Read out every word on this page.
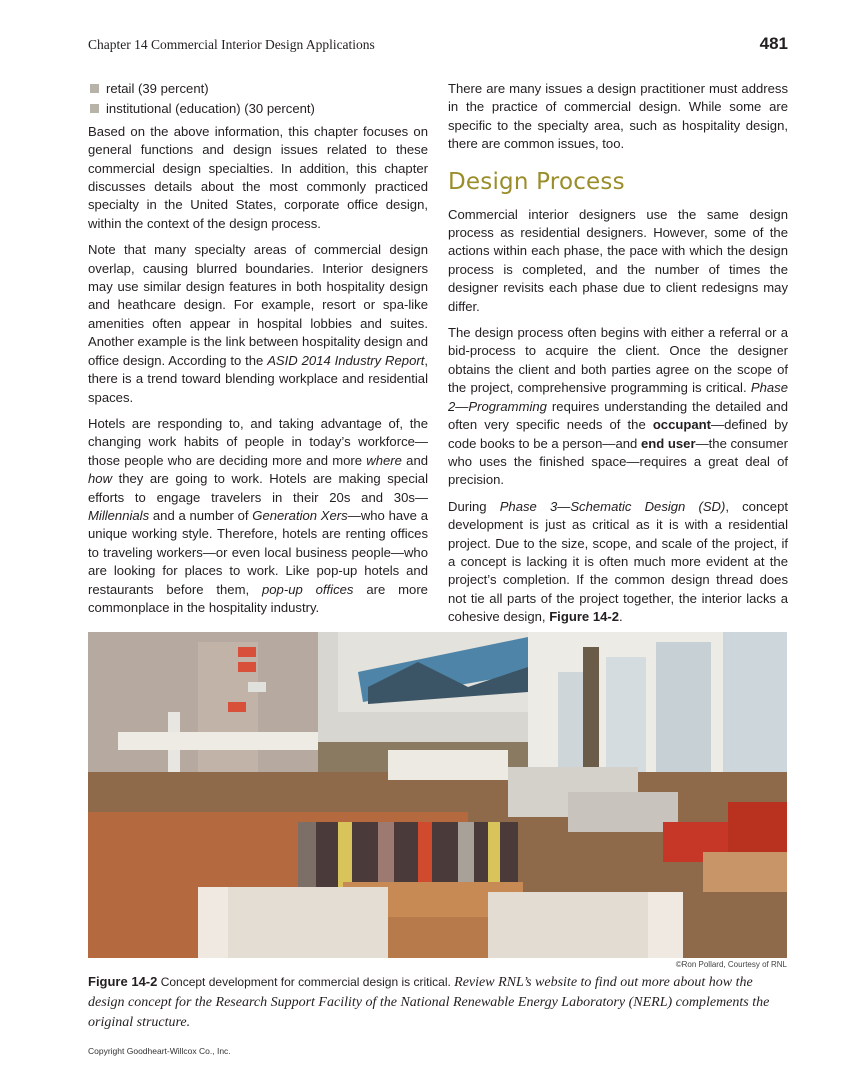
Chapter 14 Commercial Interior Design Applications	481
retail (39 percent)
institutional (education) (30 percent)

Based on the above information, this chapter focuses on general functions and design issues related to these commercial design specialties. In addition, this chapter discusses details about the most commonly practiced specialty in the United States, corporate office design, within the context of the design process.

Note that many specialty areas of commercial design overlap, causing blurred boundaries. Interior designers may use similar design features in both hospitality design and heathcare design. For example, resort or spa-like amenities often appear in hospital lobbies and suites. Another example is the link between hospitality design and office design. According to the ASID 2014 Industry Report, there is a trend toward blending workplace and residential spaces.

Hotels are responding to, and taking advantage of, the changing work habits of people in today’s workforce—those people who are deciding more and more where and how they are going to work. Hotels are making special efforts to engage travelers in their 20s and 30s—Millennials and a number of Generation Xers—who have a unique working style. Therefore, hotels are renting offices to traveling workers—or even local business people—who are looking for places to work. Like pop-up hotels and restaurants before them, pop-up offices are more commonplace in the hospitality industry.

There are many issues a design practitioner must address in the practice of commercial design. While some are specific to the specialty area, such as hospitality design, there are common issues, too.

Design Process

Commercial interior designers use the same design process as residential designers. However, some of the actions within each phase, the pace with which the design process is completed, and the number of times the designer revisits each phase due to client redesigns may differ.

The design process often begins with either a referral or a bid-process to acquire the client. Once the designer obtains the client and both parties agree on the scope of the project, comprehensive programming is critical. Phase 2—Programming requires understanding the detailed and often very specific needs of the occupant—defined by code books to be a person—and end user—the consumer who uses the finished space—requires a great deal of precision.

During Phase 3—Schematic Design (SD), concept development is just as critical as it is with a residential project. Due to the size, scope, and scale of the project, if a concept is lacking it is often much more evident at the project’s completion. If the common design thread does not tie all parts of the project together, the interior lacks a cohesive design, Figure 14-2.

©Ron Pollard, Courtesy of RNL
Figure 14-2 Concept development for commercial design is critical. Review RNL’s website to find out more about how the design concept for the Research Support Facility of the National Renewable Energy Laboratory (NERL) complements the original structure.
Copyright Goodheart-Willcox Co., Inc.
